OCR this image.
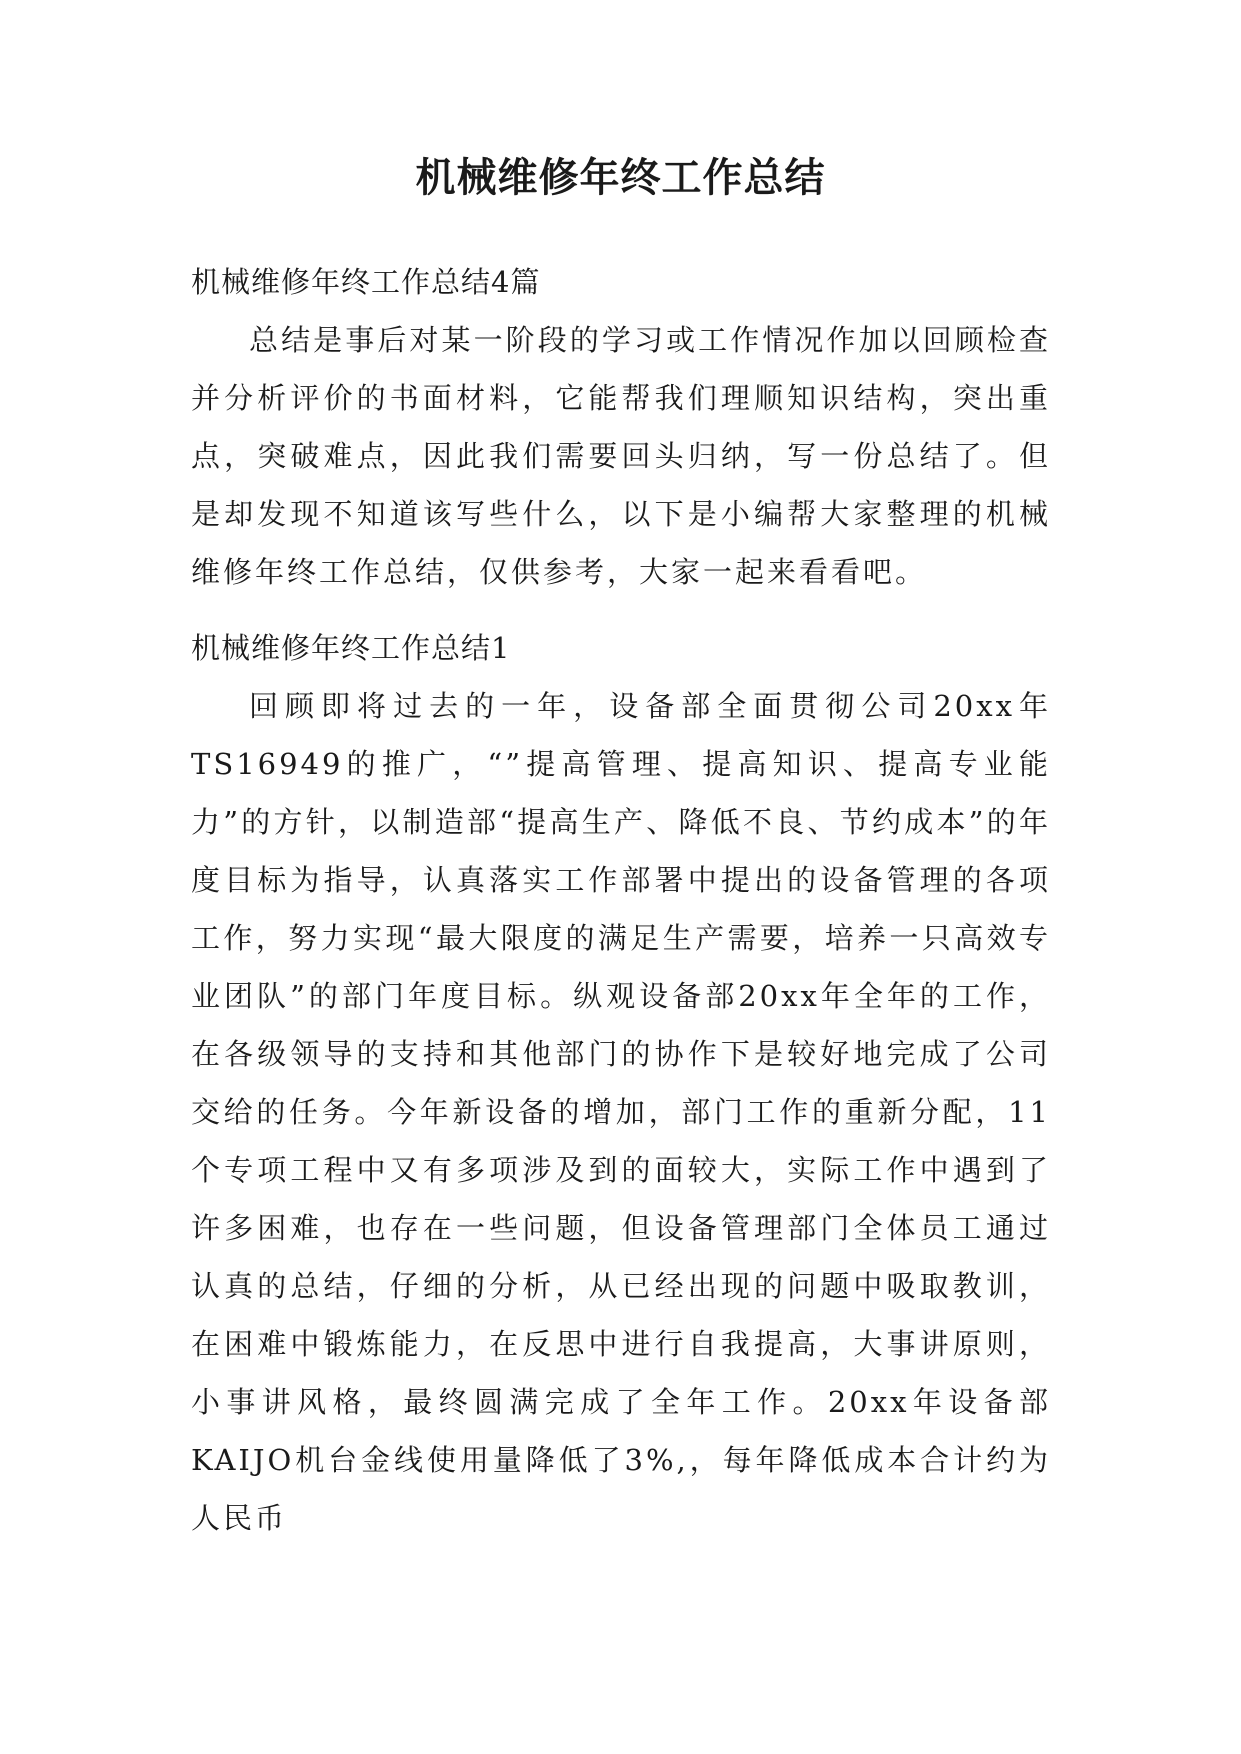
机械维修年终工作总结

机械维修年终工作总结4篇

总结是事后对某一阶段的学习或工作情况作加以回顾检查并分析评价的书面材料，它能帮我们理顺知识结构，突出重点，突破难点，因此我们需要回头归纳，写一份总结了。但是却发现不知道该写些什么，以下是小编帮大家整理的机械维修年终工作总结，仅供参考，大家一起来看看吧。

机械维修年终工作总结1

回顾即将过去的一年，设备部全面贯彻公司20xx年TS16949的推广，“”提高管理、提高知识、提高专业能力”的方针，以制造部“提高生产、降低不良、节约成本”的年度目标为指导，认真落实工作部署中提出的设备管理的各项工作，努力实现“最大限度的满足生产需要，培养一只高效专业团队”的部门年度目标。纵观设备部20xx年全年的工作，在各级领导的支持和其他部门的协作下是较好地完成了公司交给的任务。今年新设备的增加，部门工作的重新分配，11个专项工程中又有多项涉及到的面较大，实际工作中遇到了许多困难，也存在一些问题，但设备管理部门全体员工通过认真的总结，仔细的分析，从已经出现的问题中吸取教训，在困难中锻炼能力，在反思中进行自我提高，大事讲原则，小事讲风格，最终圆满完成了全年工作。20xx年设备部KAIJO机台金线使用量降低了3%,，每年降低成本合计约为人民币
